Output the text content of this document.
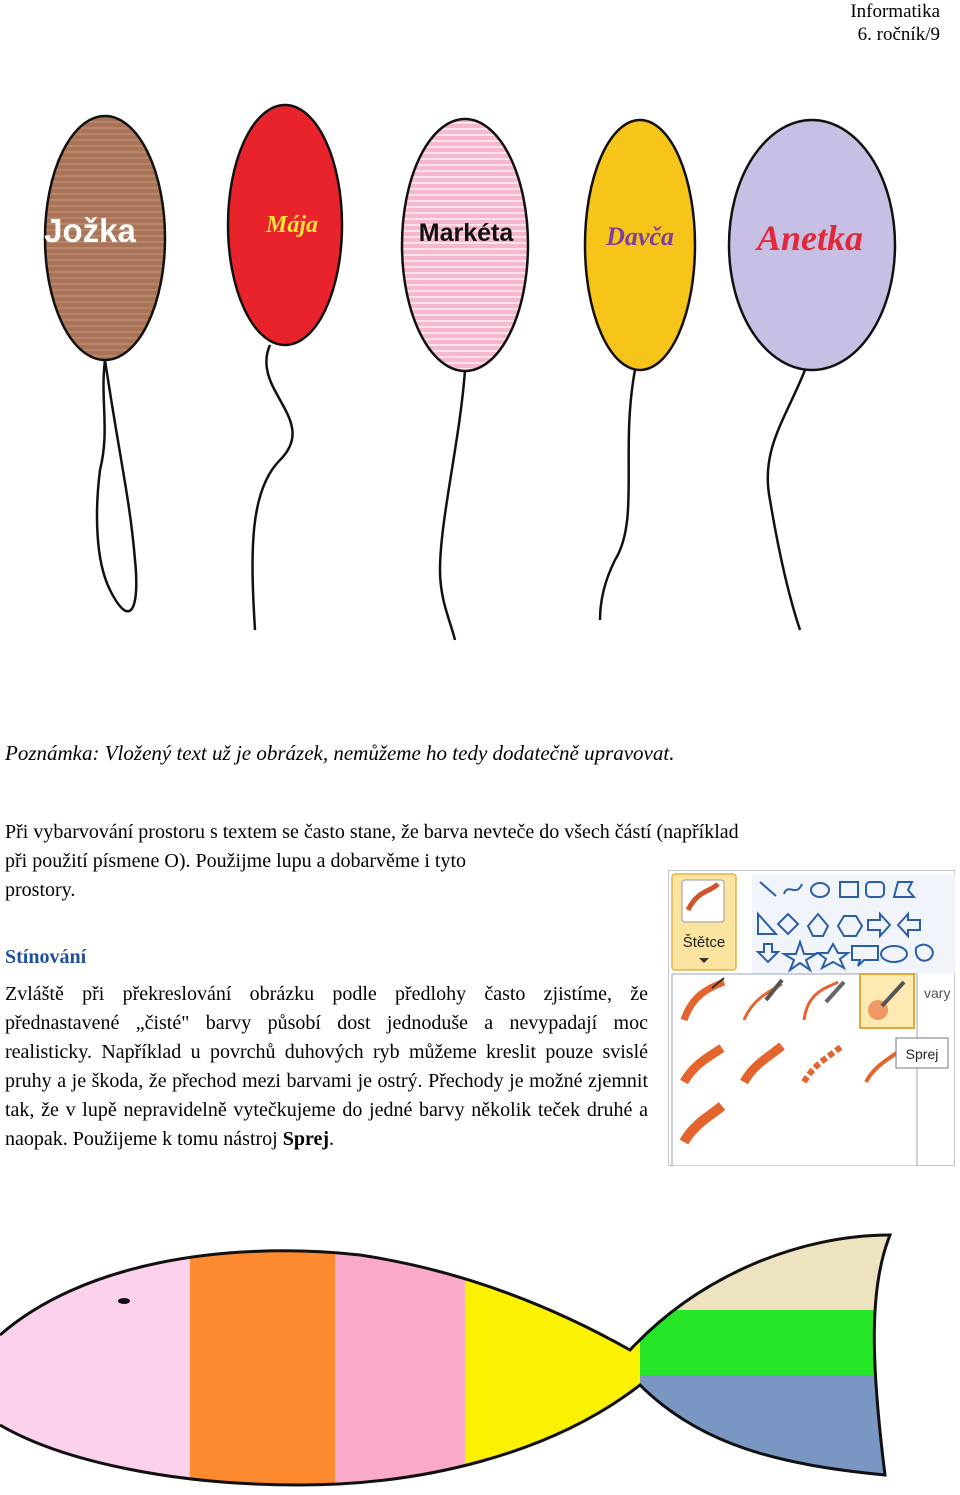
Informatika
6. ročník/9
Jožka	Mája	Markéta	Davča Anetka
Poznámka: Vložený text už je obrázek, nemůžeme ho tedy dodatečně upravovat.
Při vybarvování prostoru s textem se často stane, že barva nevteče do všech částí (například
při použití písmene O). Použijme lupu a dobarvěme i tyto
prostory.
Stínování
Zvláště při překreslování obrázku podle předlohy často zjistíme, že přednastavené „čisté" barvy působí dost jednoduše a nevypadají moc realisticky. Například u povrchů duhových ryb můžeme kreslit pouze svislé pruhy a je škoda, že přechod mezi barvami je ostrý. Přechody je možné zjemnit tak, že v lupě nepravidelně vytečkujeme do jedné barvy několik teček druhé a naopak. Použijeme k tomu nástroj Sprej.
Štětce
vary
Sprej
